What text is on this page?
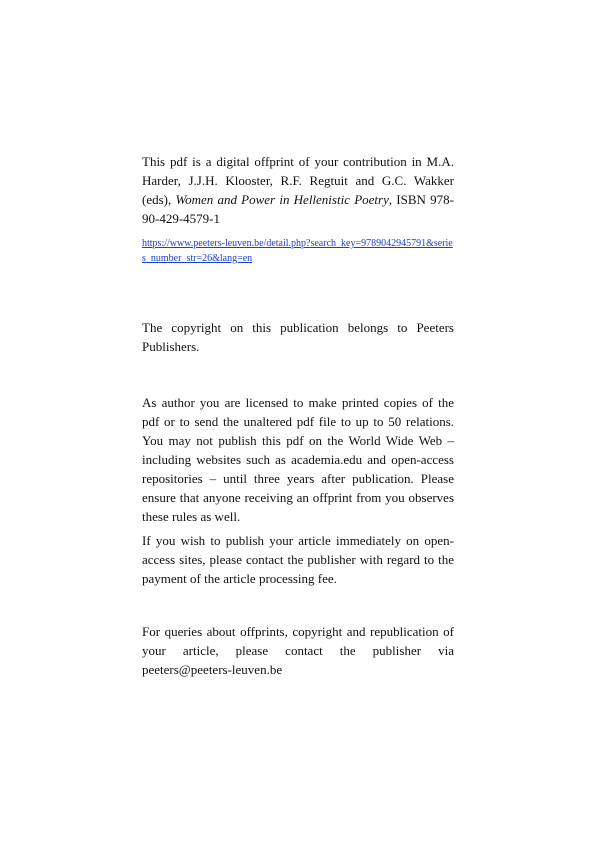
This pdf is a digital offprint of your contribution in M.A. Harder, J.J.H. Klooster, R.F. Regtuit and G.C. Wakker (eds), Women and Power in Hellenistic Poetry, ISBN 978-90-429-4579-1

https://www.peeters-leuven.be/detail.php?search_key=9789042945791&series_number_str=26&lang=en

The copyright on this publication belongs to Peeters Publishers.

As author you are licensed to make printed copies of the pdf or to send the unaltered pdf file to up to 50 relations. You may not publish this pdf on the World Wide Web – including websites such as academia.edu and open-access repositories – until three years after publication. Please ensure that anyone receiving an offprint from you observes these rules as well.

If you wish to publish your article immediately on open-access sites, please contact the publisher with regard to the payment of the article processing fee.

For queries about offprints, copyright and republication of your article, please contact the publisher via peeters@peeters-leuven.be
